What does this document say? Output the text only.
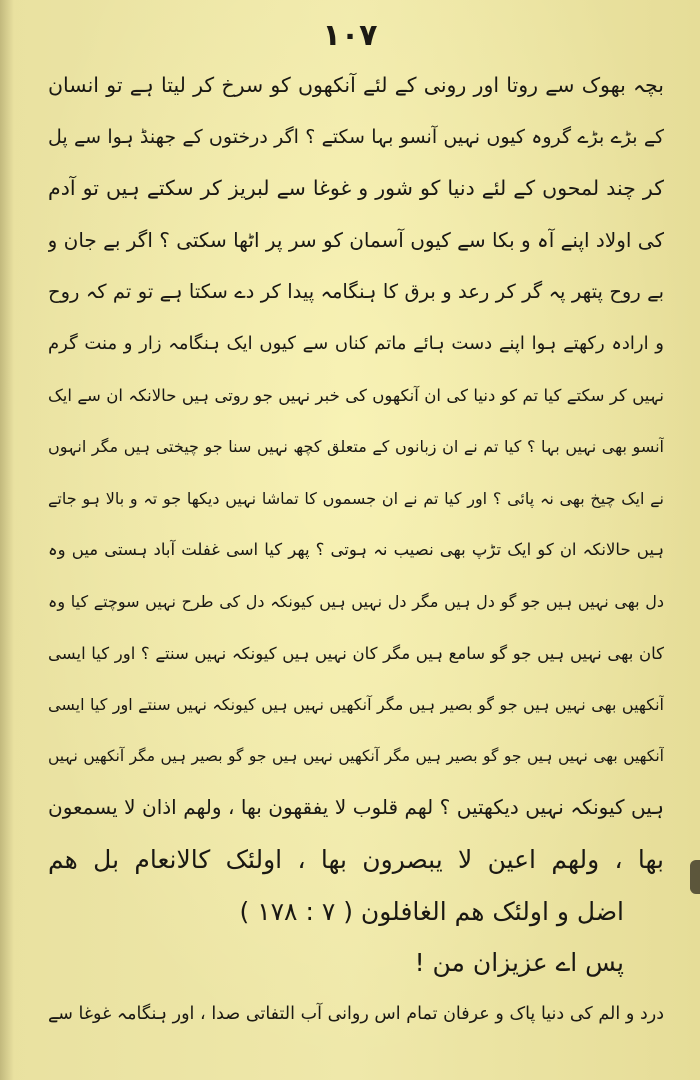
۱۰۷
بچہ بھوک سے روتا اور رونی کے لئے آنکھوں کو سرخ کر لیتا ہے تو انسان
کے بڑے بڑے گروہ کیوں نہیں آنسو بہا سکتے ؟ اگر درختوں کے جھنڈ ہوا سے پل
کر چند لمحوں کے لئے دنیا کو شور و غوغا سے لبریز کر سکتے ہیں تو آدم
کی اولاد اپنے آہ و بکا سے کیوں آسمان کو سر پر اٹھا سکتی ؟ اگر بے جان و
بے روح پتھر پہ گر کر رعد و برق کا ہنگامہ پیدا کر دے سکتا ہے تو تم کہ روح
و ارادہ رکھتے ہوا اپنے دست ہائے ماتم کناں سے کیوں ایک ہنگامہ زار و منت گرم
نہیں کر سکتے کیا تم کو دنیا کی ان آنکھوں کی خبر نہیں جو روتی ہیں حالانکہ ان سے ایک
آنسو بھی نہیں بہا ؟ کیا تم نے ان زبانوں کے متعلق کچھ نہیں سنا جو چیختی ہیں مگر انہوں
نے ایک چیخ بھی نہ پائی ؟ اور کیا تم نے ان جسموں کا تماشا نہیں دیکھا جو تہ و بالا ہو جاتے
ہیں حالانکہ ان کو ایک تڑپ بھی نصیب نہ ہوتی ؟ پھر کیا اسی غفلت آباد ہستی میں وہ
دل بھی نہیں ہیں جو گو دل ہیں مگر دل نہیں ہیں کیونکہ دل کی طرح نہیں سوچتے کیا وہ
کان بھی نہیں ہیں جو گو سامع ہیں مگر کان نہیں ہیں کیونکہ نہیں سنتے ؟ اور کیا ایسی
آنکھیں بھی نہیں ہیں جو گو بصیر ہیں مگر آنکھیں نہیں ہیں کیونکہ نہیں سنتے اور کیا ایسی
آنکھیں بھی نہیں ہیں جو گو بصیر ہیں مگر آنکھیں نہیں ہیں جو گو بصیر ہیں مگر آنکھیں نہیں
ہیں کیونکہ نہیں دیکھتیں ؟ لھم قلوب لا یفقھون بھا ، ولھم اذان لا یسمعون
بھا ، ولھم اعین لا یبصرون بھا ، اولئک کالانعام بل ھم
اضل و اولئک ھم الغافلون ( ۷ : ۱۷۸ )
پس اے عزیزان من !
درد و الم کی دنیا پاک و عرفان تمام اس روانی آب التفاتی صدا ، اور ہنگامہ غوغا سے
